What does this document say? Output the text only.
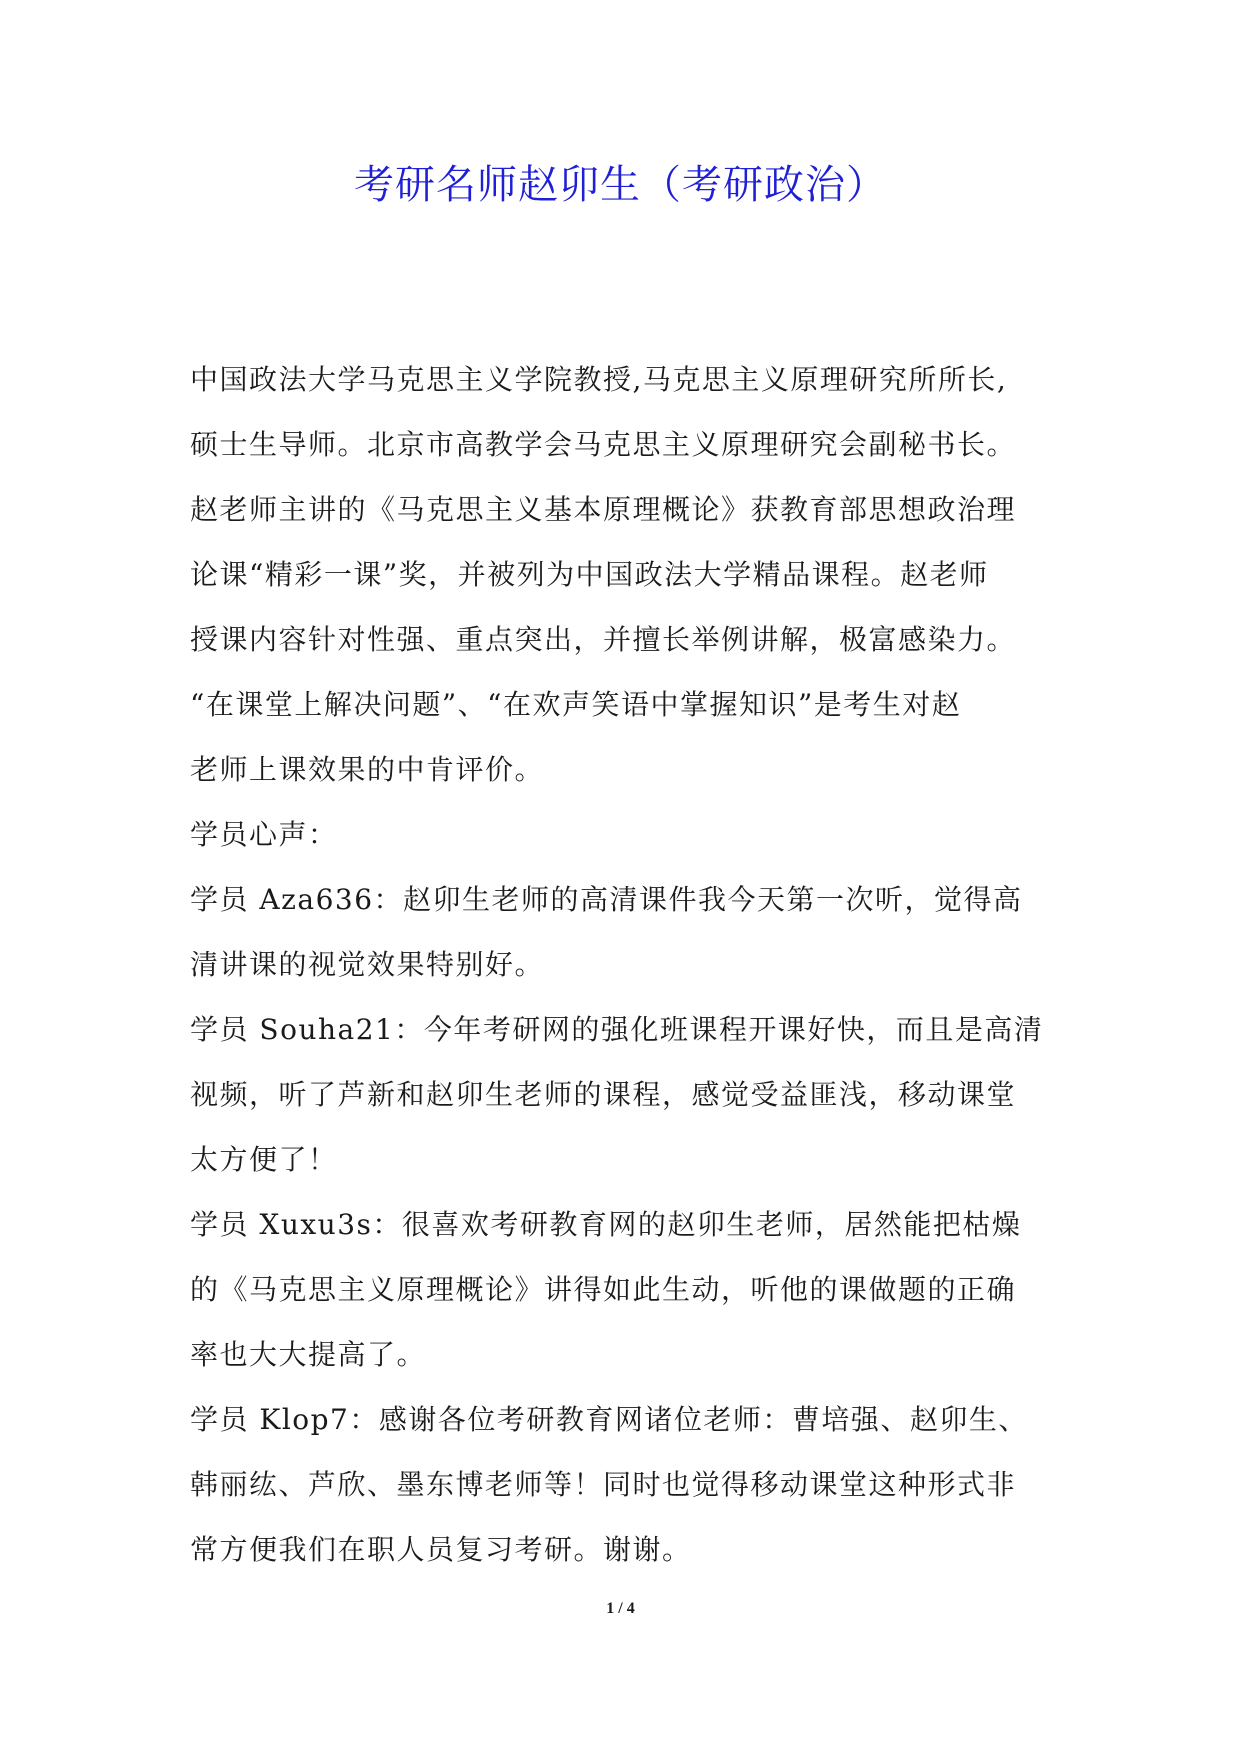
考研名师赵卯生（考研政治）
中国政法大学马克思主义学院教授,马克思主义原理研究所所长,
硕士生导师。北京市高教学会马克思主义原理研究会副秘书长。
赵老师主讲的《马克思主义基本原理概论》获教育部思想政治理
论课“精彩一课”奖，并被列为中国政法大学精品课程。赵老师
授课内容针对性强、重点突出，并擅长举例讲解，极富感染力。
“在课堂上解决问题”、“在欢声笑语中掌握知识”是考生对赵
老师上课效果的中肯评价。
学员心声：
学员 Aza636：赵卯生老师的高清课件我今天第一次听，觉得高
清讲课的视觉效果特别好。
学员 Souha21：今年考研网的强化班课程开课好快，而且是高清
视频，听了芦新和赵卯生老师的课程，感觉受益匪浅，移动课堂
太方便了！
学员 Xuxu3s：很喜欢考研教育网的赵卯生老师，居然能把枯燥
的《马克思主义原理概论》讲得如此生动，听他的课做题的正确
率也大大提高了。
学员 Klop7：感谢各位考研教育网诸位老师：曹培强、赵卯生、
韩丽纮、芦欣、墨东博老师等！同时也觉得移动课堂这种形式非
常方便我们在职人员复习考研。谢谢。
1 / 4
